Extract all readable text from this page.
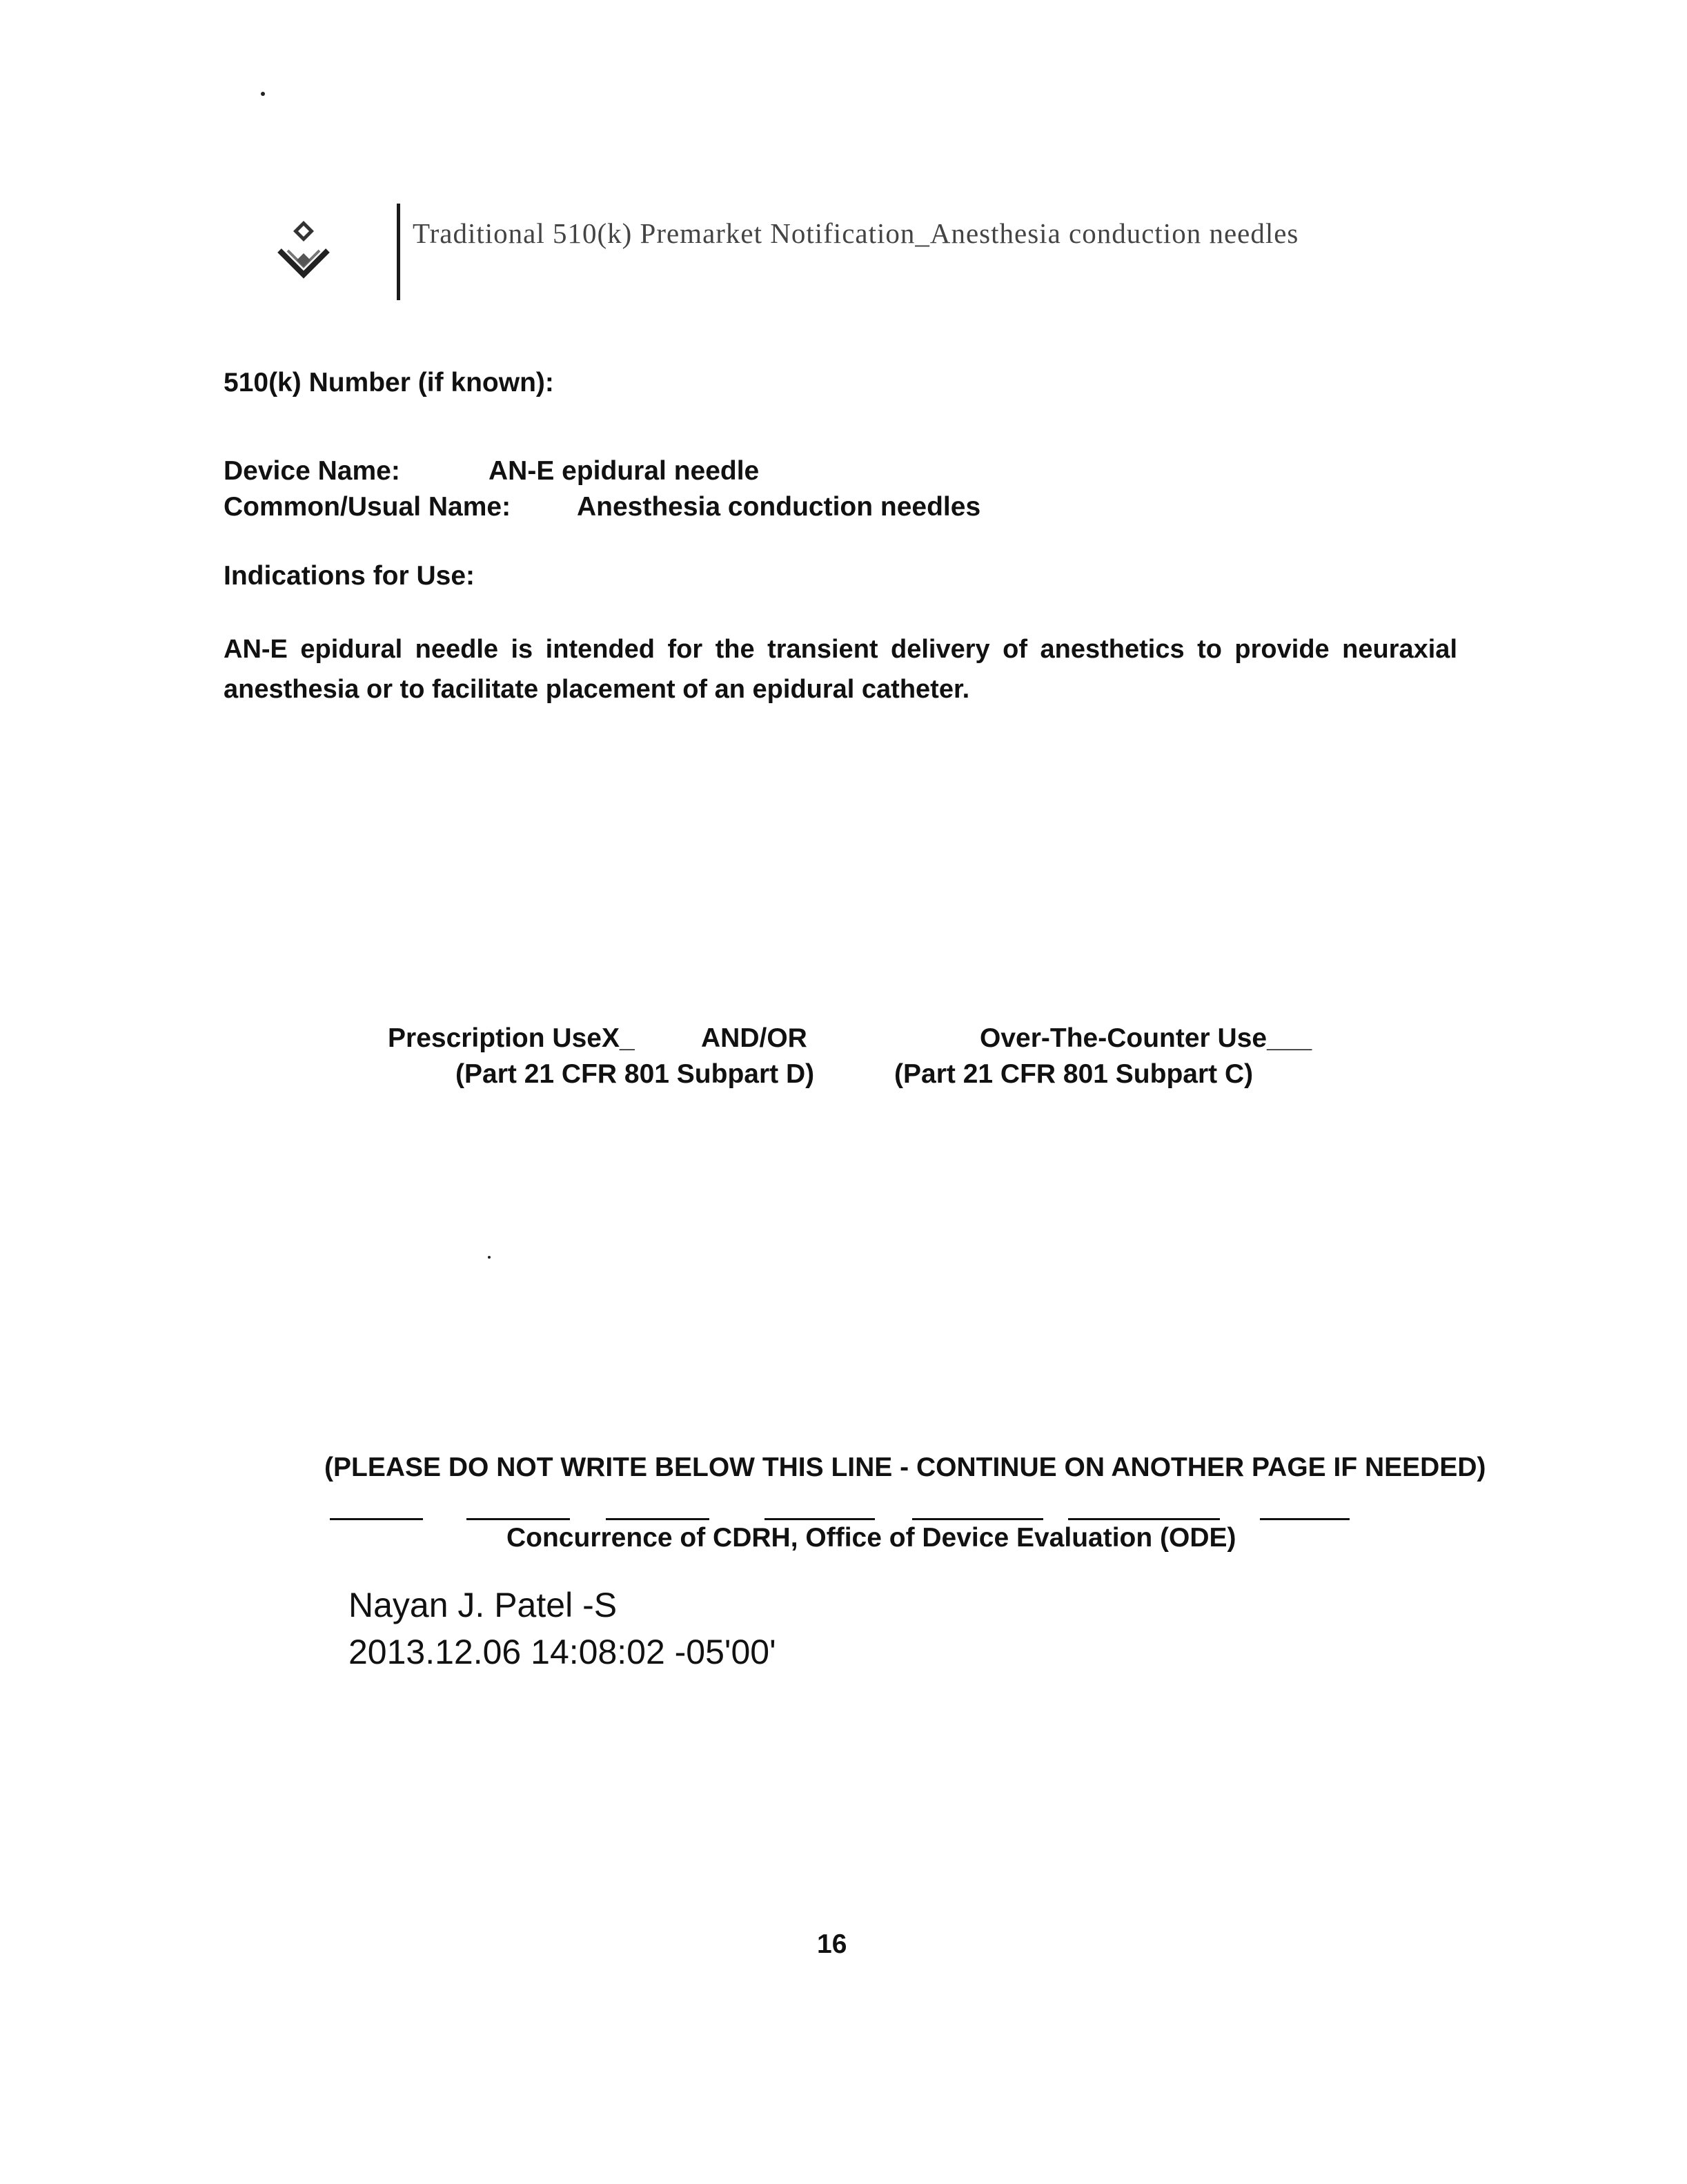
Traditional 510(k) Premarket Notification_Anesthesia conduction needles
510(k) Number (if known):
Device Name:	AN-E epidural needle
Common/Usual Name: Anesthesia conduction needles
Indications for Use:
AN-E epidural needle is intended for the transient delivery of anesthetics to provide neuraxial anesthesia or to facilitate placement of an epidural catheter.
Prescription UseX_ AND/OR	Over-The-Counter Use___
(Part 21 CFR 801 Subpart D)	(Part 21 CFR 801 Subpart C)
(PLEASE DO NOT WRITE BELOW THIS LINE - CONTINUE ON ANOTHER PAGE IF NEEDED)
Concurrence of CDRH, Office of Device Evaluation (ODE)
Nayan J. Patel -S
2013.12.06 14:08:02 -05'00'
16
